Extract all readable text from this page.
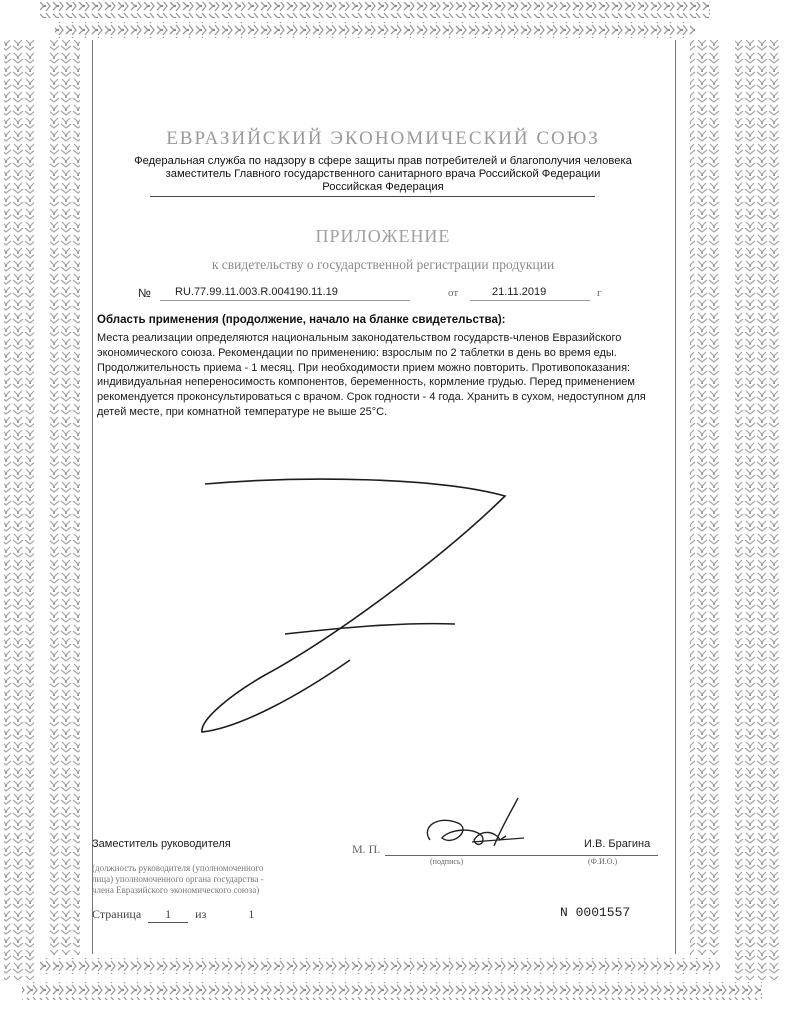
ЕВРАЗИЙСКИЙ ЭКОНОМИЧЕСКИЙ СОЮЗ
Федеральная служба по надзору в сфере защиты прав потребителей и благополучия человека
заместитель Главного государственного санитарного врача Российской Федерации
Российская Федерация
ПРИЛОЖЕНИЕ
к свидетельству о государственной регистрации продукции
№ RU.77.99.11.003.R.004190.11.19	от	21.11.2019	г
Область применения (продолжение, начало на бланке свидетельства):
Места реализации определяются национальным законодательством государств-членов Евразийского экономического союза. Рекомендации по применению: взрослым по 2 таблетки в день во время еды. Продолжительность приема - 1 месяц. При необходимости прием можно повторить. Противопоказания: индивидуальная непереносимость компонентов, беременность, кормление грудью. Перед применением рекомендуется проконсультироваться с врачом. Срок годности - 4 года. Хранить в сухом, недоступном для детей месте, при комнатной температуре не выше 25°С.
Заместитель руководителя	М. П.	И.В. Брагина
(подпись)	(Ф.И.О.)
(должность руководителя (уполномоченного
лица) уполномоченного органа государства -
члена Евразийского экономического союза)
Страница 1 из	1	N 0001557
